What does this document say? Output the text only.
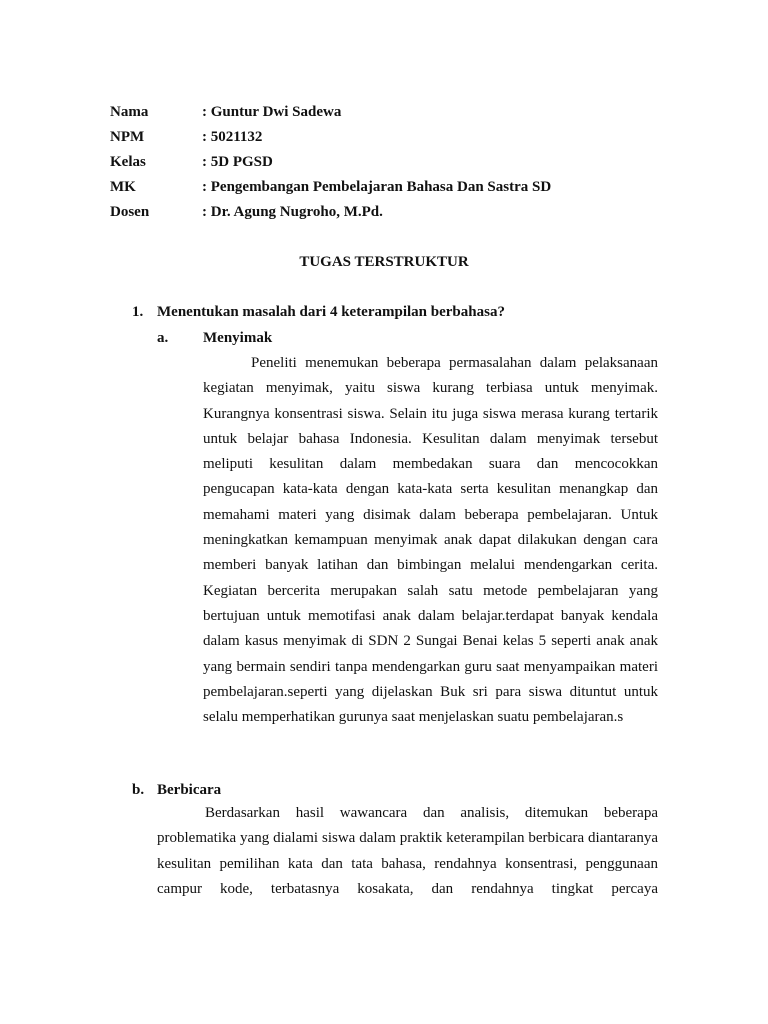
Nama	: Guntur Dwi Sadewa
NPM	: 5021132
Kelas	: 5D PGSD
MK	: Pengembangan Pembelajaran Bahasa Dan Sastra SD
Dosen	: Dr. Agung Nugroho, M.Pd.
TUGAS TERSTRUKTUR
1. Menentukan masalah dari 4 keterampilan berbahasa?
a. Menyimak

Peneliti menemukan beberapa permasalahan dalam pelaksanaan kegiatan menyimak, yaitu siswa kurang terbiasa untuk menyimak. Kurangnya konsentrasi siswa. Selain itu juga siswa merasa kurang tertarik untuk belajar bahasa Indonesia. Kesulitan dalam menyimak tersebut meliputi kesulitan dalam membedakan suara dan mencocokkan pengucapan kata-kata dengan kata-kata serta kesulitan menangkap dan memahami materi yang disimak dalam beberapa pembelajaran. Untuk meningkatkan kemampuan menyimak anak dapat dilakukan dengan cara memberi banyak latihan dan bimbingan melalui mendengarkan cerita. Kegiatan bercerita merupakan salah satu metode pembelajaran yang bertujuan untuk memotifasi anak dalam belajar.terdapat banyak kendala dalam kasus menyimak di SDN 2 Sungai Benai kelas 5 seperti anak anak yang bermain sendiri tanpa mendengarkan guru saat menyampaikan materi pembelajaran.seperti yang dijelaskan Buk sri para siswa dituntut untuk selalu memperhatikan gurunya saat menjelaskan suatu pembelajaran.s

b. Berbicara

Berdasarkan hasil wawancara dan analisis, ditemukan beberapa problematika yang dialami siswa dalam praktik keterampilan berbicara diantaranya kesulitan pemilihan kata dan tata bahasa, rendahnya konsentrasi, penggunaan campur kode, terbatasnya kosakata, dan rendahnya tingkat percaya
